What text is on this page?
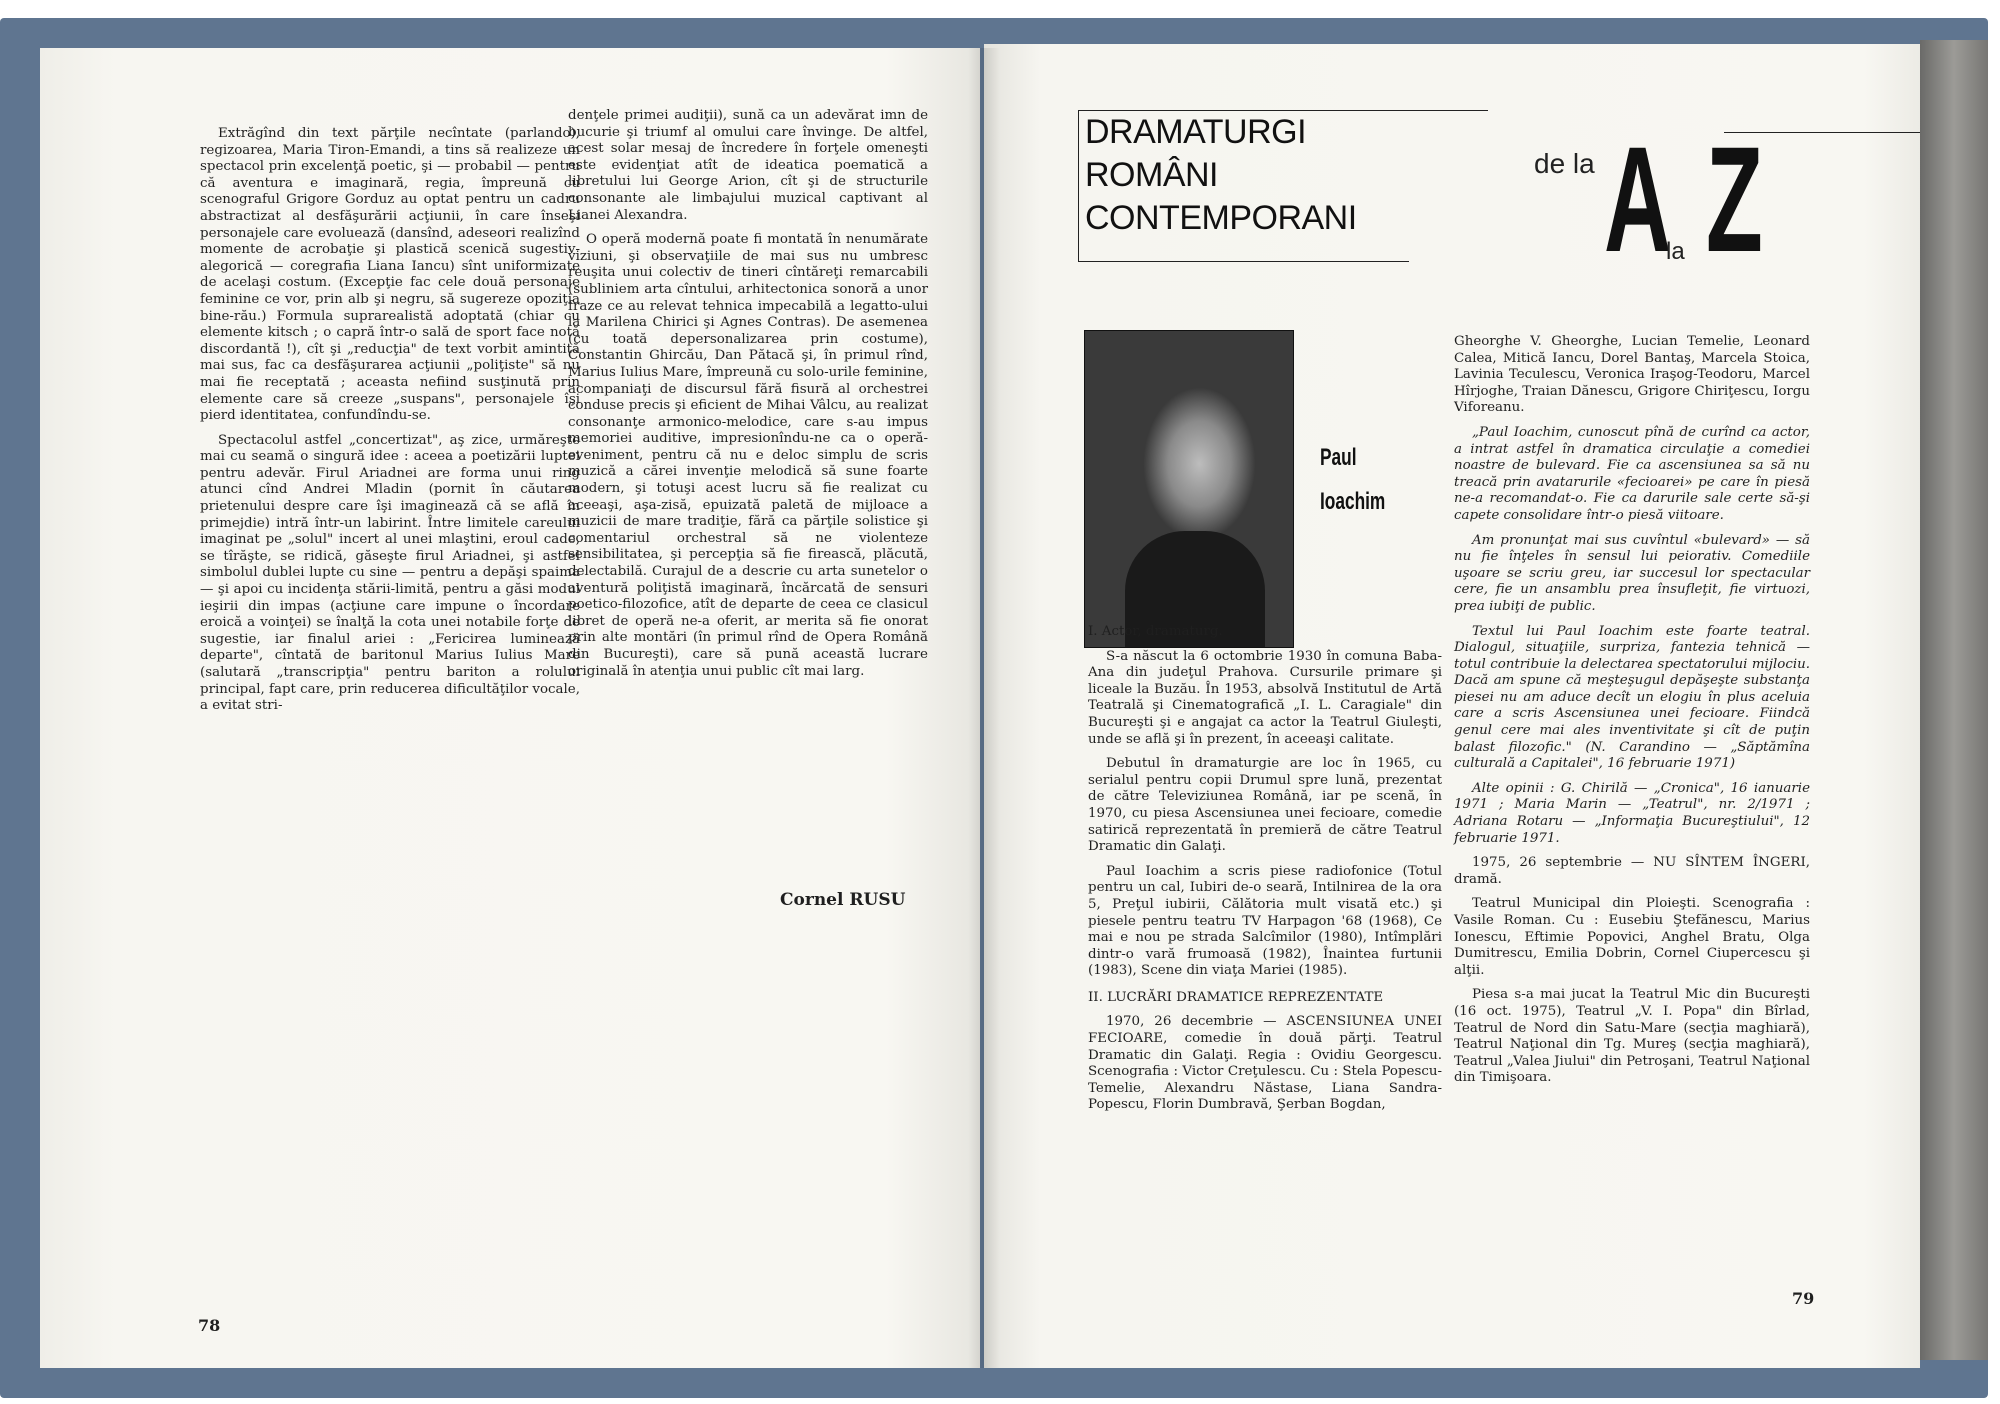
Extrăgînd din text părţile necîntate (parlando), regizoarea, Maria Tiron-Emandi, a tins să realizeze un spectacol prin excelenţă poetic, şi — probabil — pentru că aventura e imaginară, regia, împreună cu scenograful Grigore Gorduz au optat pentru un cadru abstractizat al desfăşurării acţiunii, în care înseşi personajele care evoluează (dansînd, adeseori realizînd momente de acrobaţie şi plastică scenică sugestiv-alegorică — coregrafia Liana Iancu) sînt uniformizate de acelaşi costum. (Excepţie fac cele două personaje feminine ce vor, prin alb şi negru, să sugereze opoziţia bine-rău.) Formula suprarealistă adoptată (chiar cu elemente kitsch ; o capră într-o sală de sport face notă discordantă !), cît şi „reducţia" de text vorbit amintită mai sus, fac ca desfăşurarea acţiunii „poliţiste" să nu mai fie receptată ; aceasta nefiind susţinută prin elemente care să creeze „suspans", personajele îşi pierd identitatea, confundîndu-se.

Spectacolul astfel „concertizat", aş zice, urmăreşte mai cu seamă o singură idee : aceea a poetizării luptei pentru adevăr. Firul Ariadnei are forma unui ring atunci cînd Andrei Mladin (pornit în căutarea prietenului despre care îşi imaginează că se află în primejdie) intră într-un labirint. Între limitele careului imaginat pe „solul" incert al unei mlaştini, eroul cade, se tîrăşte, se ridică, găseşte firul Ariadnei, şi astfel simbolul dublei lupte cu sine — pentru a depăşi spaima — şi apoi cu incidenţa stării-limită, pentru a găsi modul ieşirii din impas (acţiune care impune o încordare eroică a voinţei) se înalţă la cota unei notabile forţe de sugestie, iar finalul ariei : „Fericirea luminează departe", cîntată de baritonul Marius Iulius Mare (salutară „transcripţia" pentru bariton a rolului principal, fapt care, prin reducerea dificultăţilor vocale, a evitat stri-

denţele primei audiţii), sună ca un adevărat imn de bucurie şi triumf al omului care învinge. De altfel, acest solar mesaj de încredere în forţele omeneşti este evidenţiat atît de ideatica poematică a libretului lui George Arion, cît şi de structurile consonante ale limbajului muzical captivant al Lianei Alexandra.

O operă modernă poate fi montată în nenumărate viziuni, şi observaţiile de mai sus nu umbresc reuşita unui colectiv de tineri cîntăreţi remarcabili (subliniem arta cîntului, arhitectonica sonoră a unor fraze ce au relevat tehnica impecabilă a legatto-ului la Marilena Chirici şi Agnes Contras). De asemenea (cu toată depersonalizarea prin costume), Constantin Ghircău, Dan Pătacă şi, în primul rînd, Marius Iulius Mare, împreună cu solo-urile feminine, acompaniaţi de discursul fără fisură al orchestrei conduse precis şi eficient de Mihai Vâlcu, au realizat consonanţe armonico-melodice, care s-au impus memoriei auditive, impresionîndu-ne ca o operă-eveniment, pentru că nu e deloc simplu de scris muzică a cărei invenţie melodică să sune foarte modern, şi totuşi acest lucru să fie realizat cu aceeaşi, aşa-zisă, epuizată paletă de mijloace a muzicii de mare tradiţie, fără ca părţile solistice şi comentariul orchestral să ne violenteze sensibilitatea, şi percepţia să fie firească, plăcută, delectabilă. Curajul de a descrie cu arta sunetelor o aventură poliţistă imaginară, încărcată de sensuri poetico-filozofice, atît de departe de ceea ce clasicul libret de operă ne-a oferit, ar merita să fie onorat prin alte montări (în primul rînd de Opera Română din Bucureşti), care să pună această lucrare originală în atenţia unui public cît mai larg.

Cornel RUSU
78
DRAMATURGI
ROMÂNI
CONTEMPORANI
de la A
la Z
Paul
Ioachim

I. Actor, dramaturg.

S-a născut la 6 octombrie 1930 în comuna Baba-Ana din judeţul Prahova. Cursurile primare şi liceale la Buzău. În 1953, absolvă Institutul de Artă Teatrală şi Cinematografică „I. L. Caragiale" din Bucureşti şi e angajat ca actor la Teatrul Giuleşti, unde se află şi în prezent, în aceeaşi calitate.

Debutul în dramaturgie are loc în 1965, cu serialul pentru copii Drumul spre lună, prezentat de către Televiziunea Română, iar pe scenă, în 1970, cu piesa Ascensiunea unei fecioare, comedie satirică reprezentată în premieră de către Teatrul Dramatic din Galaţi.

Paul Ioachim a scris piese radiofonice (Totul pentru un cal, Iubiri de-o seară, Intilnirea de la ora 5, Preţul iubirii, Călătoria mult visată etc.) şi piesele pentru teatru TV Harpagon '68 (1968), Ce mai e nou pe strada Salcîmilor (1980), Intîmplări dintr-o vară frumoasă (1982), Înaintea furtunii (1983), Scene din viaţa Mariei (1985).

II. LUCRĂRI DRAMATICE REPREZENTATE

1970, 26 decembrie — ASCENSIUNEA UNEI FECIOARE, comedie în două părţi. Teatrul Dramatic din Galaţi. Regia : Ovidiu Georgescu. Scenografia : Victor Creţulescu. Cu : Stela Popescu-Temelie, Alexandru Năstase, Liana Sandra-Popescu, Florin Dumbravă, Şerban Bogdan,

Gheorghe V. Gheorghe, Lucian Temelie, Leonard Calea, Mitică Iancu, Dorel Bantaş, Marcela Stoica, Lavinia Teculescu, Veronica Iraşog-Teodoru, Marcel Hîrjoghe, Traian Dănescu, Grigore Chiriţescu, Iorgu Viforeanu.

„Paul Ioachim, cunoscut pînă de curînd ca actor, a intrat astfel în dramatica circulaţie a comediei noastre de bulevard. Fie ca ascensiunea sa să nu treacă prin avatarurile «fecioarei» pe care în piesă ne-a recomandat-o. Fie ca darurile sale certe să-şi capete consolidare într-o piesă viitoare.

Am pronunţat mai sus cuvîntul «bulevard» — să nu fie înţeles în sensul lui peiorativ. Comediile uşoare se scriu greu, iar succesul lor spectacular cere, fie un ansamblu prea însufleţit, fie virtuozi, prea iubiţi de public.

Textul lui Paul Ioachim este foarte teatral. Dialogul, situaţiile, surpriza, fantezia tehnică — totul contribuie la delectarea spectatorului mijlociu. Dacă am spune că meşteşugul depăşeşte substanţa piesei nu am aduce decît un elogiu în plus aceluia care a scris Ascensiunea unei fecioare. Fiindcă genul cere mai ales inventivitate şi cît de puţin balast filozofic." (N. Carandino — „Săptămîna culturală a Capitalei", 16 februarie 1971)

Alte opinii : G. Chirilă — „Cronica", 16 ianuarie 1971 ; Maria Marin — „Teatrul", nr. 2/1971 ; Adriana Rotaru — „Informaţia Bucureştiului", 12 februarie 1971.

1975, 26 septembrie — NU SÎNTEM ÎNGERI, dramă.

Teatrul Municipal din Ploieşti. Scenografia : Vasile Roman. Cu : Eusebiu Ştefănescu, Marius Ionescu, Eftimie Popovici, Anghel Bratu, Olga Dumitrescu, Emilia Dobrin, Cornel Ciupercescu şi alţii.

Piesa s-a mai jucat la Teatrul Mic din Bucureşti (16 oct. 1975), Teatrul „V. I. Popa" din Bîrlad, Teatrul de Nord din Satu-Mare (secţia maghiară), Teatrul Naţional din Tg. Mureş (secţia maghiară), Teatrul „Valea Jiului" din Petroşani, Teatrul Naţional din Timişoara.

79
